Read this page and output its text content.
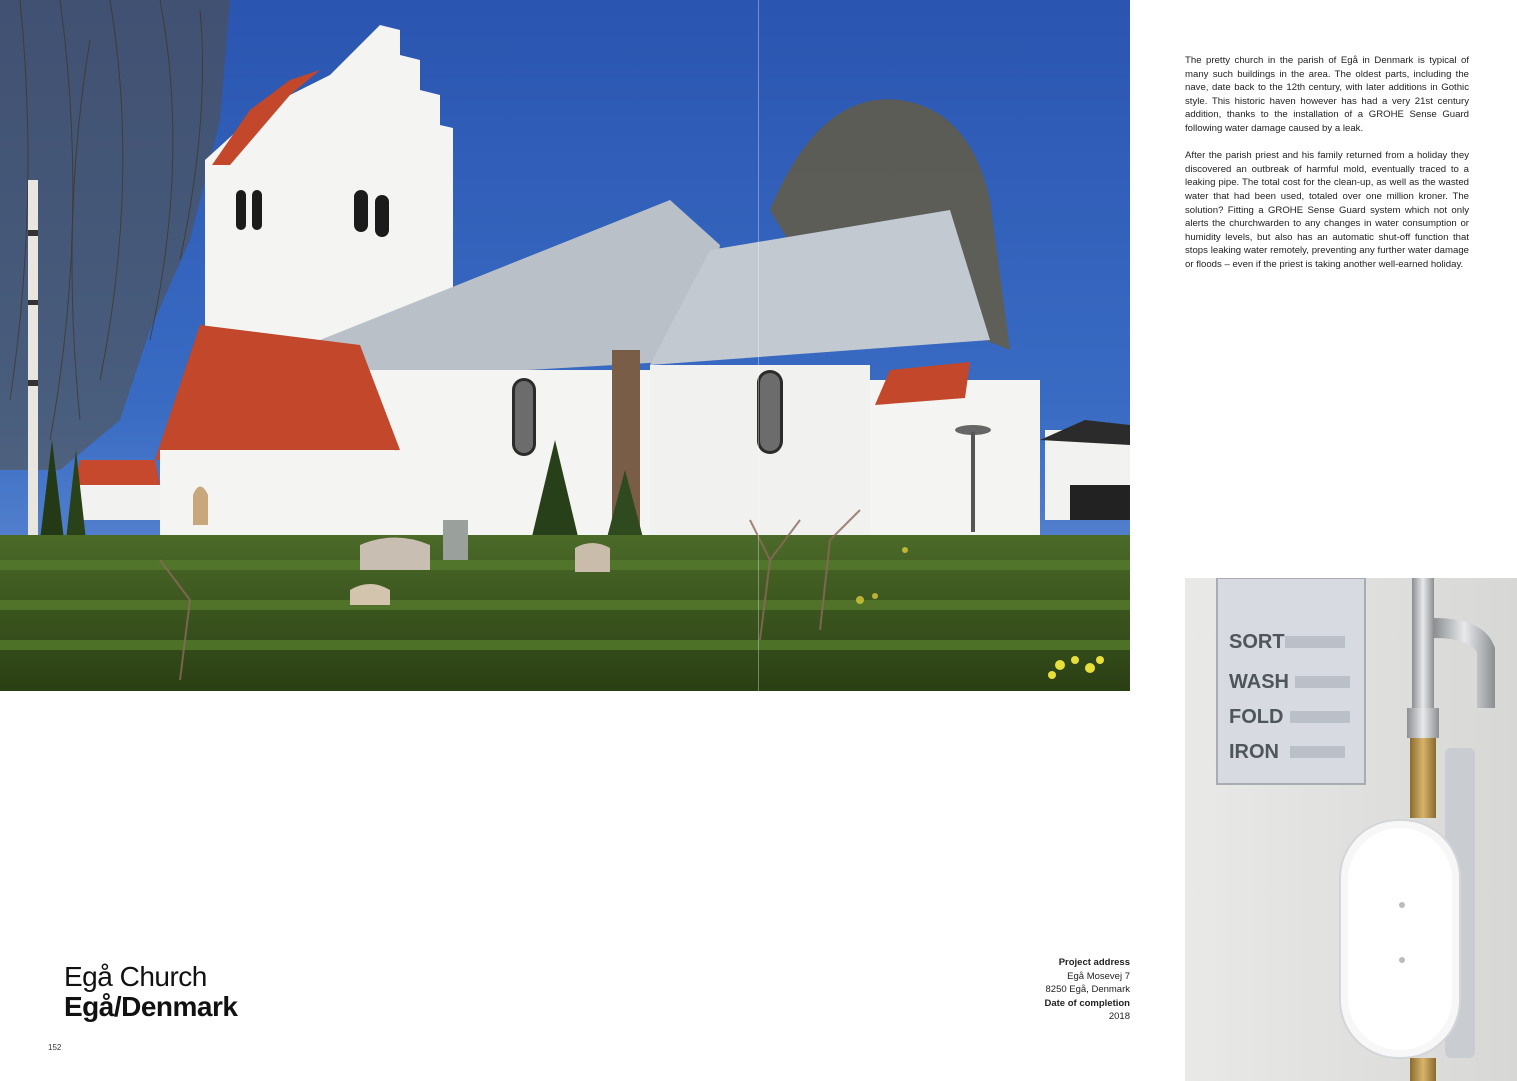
The pretty church in the parish of Egå in Denmark is typical of many such buildings in the area. The oldest parts, including the nave, date back to the 12th century, with later additions in Gothic style. This historic haven however has had a very 21st century addition, thanks to the installation of a GROHE Sense Guard following water damage caused by a leak.

After the parish priest and his family returned from a holiday they discovered an outbreak of harmful mold, eventually traced to a leaking pipe. The total cost for the clean-up, as well as the wasted water that had been used, totaled over one million kroner. The solution? Fitting a GROHE Sense Guard system which not only alerts the churchwarden to any changes in water consumption or humidity levels, but also has an automatic shut-off function that stops leaking water remotely, preventing any further water damage or floods – even if the priest is taking another well-earned holiday.

SORT
WASH
FOLD
IRON
Egå Church
Egå/Denmark
Project address
Egå Mosevej 7
8250 Egå, Denmark
Date of completion
2018
152
